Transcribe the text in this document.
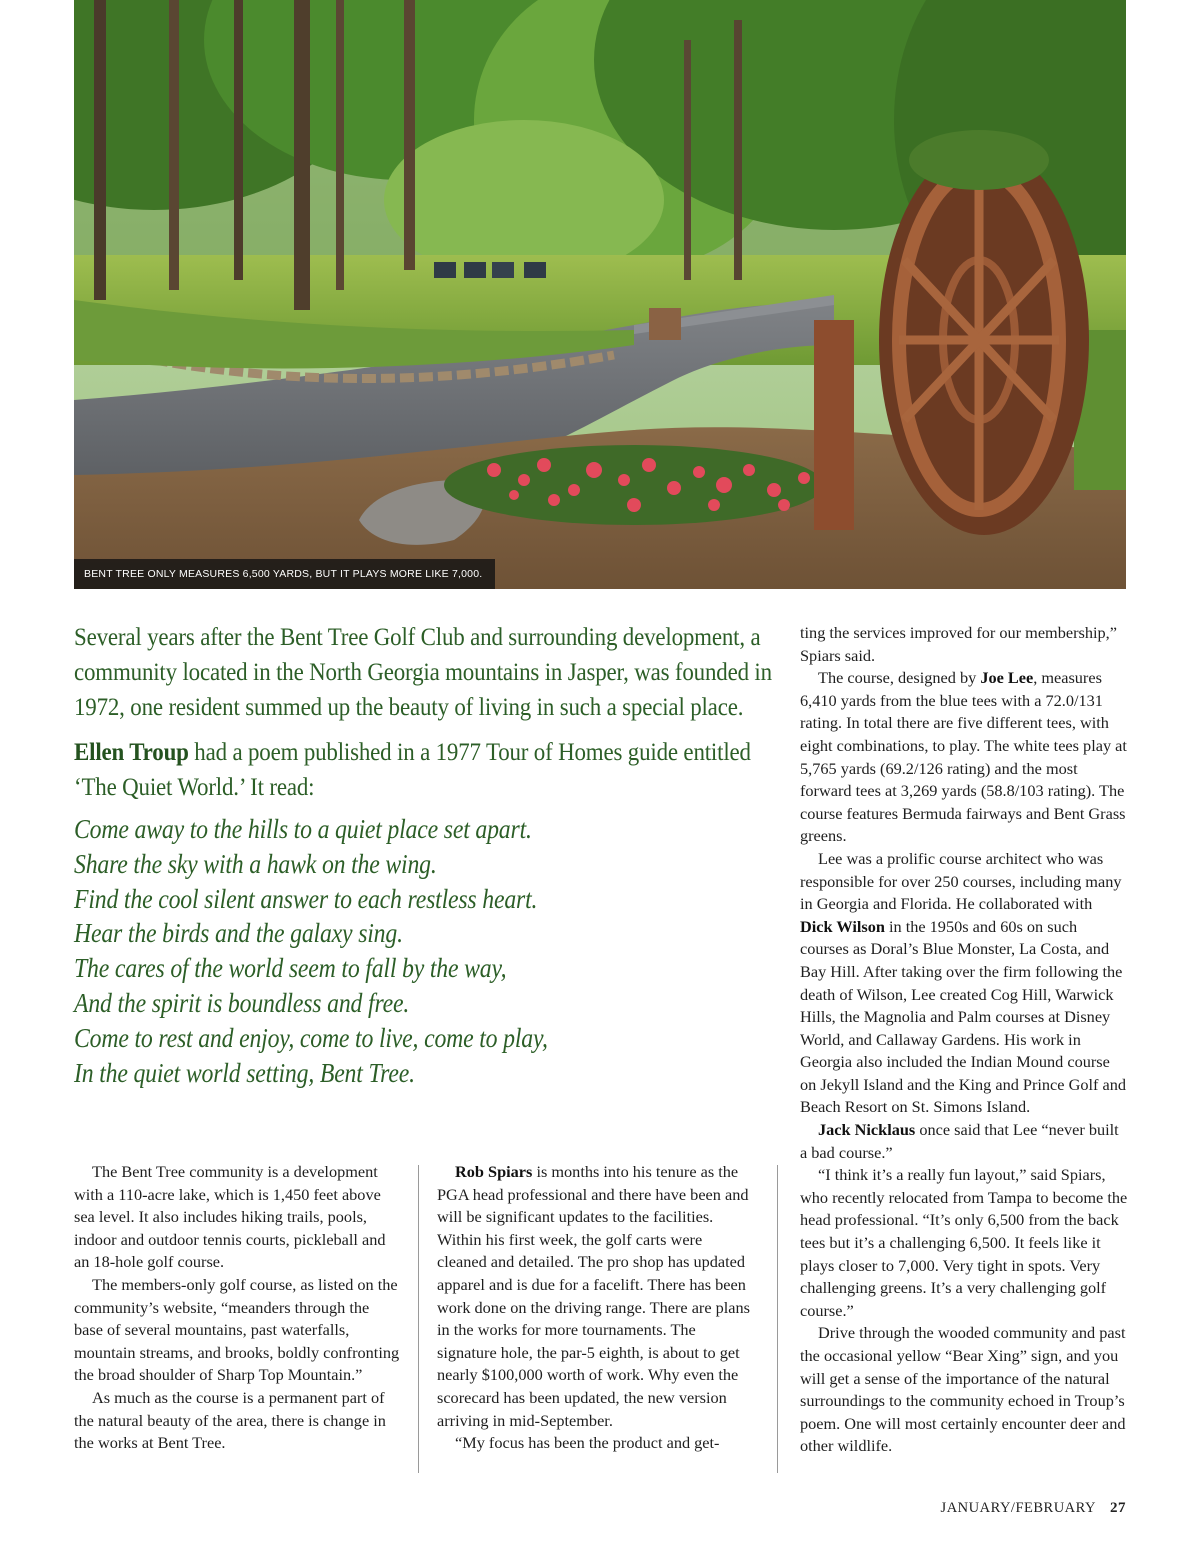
BENT TREE ONLY MEASURES 6,500 YARDS, BUT IT PLAYS MORE LIKE 7,000.

Several years after the Bent Tree Golf Club and surrounding development, a community located in the North Georgia mountains in Jasper, was founded in 1972, one resident summed up the beauty of living in such a special place.

Ellen Troup had a poem published in a 1977 Tour of Homes guide entitled ‘The Quiet World.’ It read:

Come away to the hills to a quiet place set apart.
Share the sky with a hawk on the wing.
Find the cool silent answer to each restless heart.
Hear the birds and the galaxy sing.
The cares of the world seem to fall by the way,
And the spirit is boundless and free.
Come to rest and enjoy, come to live, come to play,
In the quiet world setting, Bent Tree.

ting the services improved for our membership,” Spiars said.

The course, designed by Joe Lee, measures 6,410 yards from the blue tees with a 72.0/131 rating. In total there are five different tees, with eight combinations, to play. The white tees play at 5,765 yards (69.2/126 rating) and the most forward tees at 3,269 yards (58.8/103 rating). The course features Bermuda fairways and Bent Grass greens.

Lee was a prolific course architect who was responsible for over 250 courses, including many in Georgia and Florida. He collaborated with Dick Wilson in the 1950s and 60s on such courses as Doral’s Blue Monster, La Costa, and Bay Hill. After taking over the firm following the death of Wilson, Lee created Cog Hill, Warwick Hills, the Magnolia and Palm courses at Disney World, and Callaway Gardens. His work in Georgia also included the Indian Mound course on Jekyll Island and the King and Prince Golf and Beach Resort on St. Simons Island.

Jack Nicklaus once said that Lee “never built a bad course.”

“I think it’s a really fun layout,” said Spiars, who recently relocated from Tampa to become the head professional. “It’s only 6,500 from the back tees but it’s a challenging 6,500. It feels like it plays closer to 7,000. Very tight in spots. Very challenging greens. It’s a very challenging golf course.”

Drive through the wooded community and past the occasional yellow “Bear Xing” sign, and you will get a sense of the importance of the natural surroundings to the community echoed in Troup’s poem. One will most certainly encounter deer and other wildlife.

The Bent Tree community is a development with a 110-acre lake, which is 1,450 feet above sea level. It also includes hiking trails, pools, indoor and outdoor tennis courts, pickleball and an 18-hole golf course.

The members-only golf course, as listed on the community’s website, “meanders through the base of several mountains, past waterfalls, mountain streams, and brooks, boldly confronting the broad shoulder of Sharp Top Mountain.”

As much as the course is a permanent part of the natural beauty of the area, there is change in the works at Bent Tree.

Rob Spiars is months into his tenure as the PGA head professional and there have been and will be significant updates to the facilities. Within his first week, the golf carts were cleaned and detailed. The pro shop has updated apparel and is due for a facelift. There has been work done on the driving range. There are plans in the works for more tournaments. The signature hole, the par-5 eighth, is about to get nearly $100,000 worth of work. Why even the scorecard has been updated, the new version arriving in mid-September.

“My focus has been the product and get-

JANUARY/FEBRUARY 27
